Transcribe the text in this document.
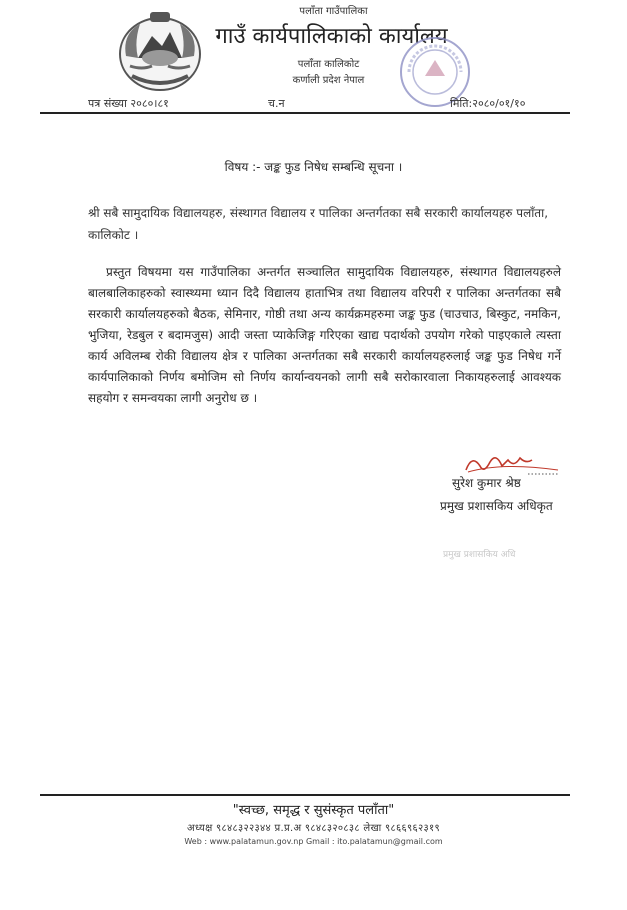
पलाँता गाउँपालिका
गाउँ कार्यपालिकाको कार्यालय
पलाँता कालिकोट
कर्णाली प्रदेश नेपाल
पत्र संख्या २०८०।८१	च.न	मिति:२०८०/०१/१०
विषय :- जङ्क फुड निषेध सम्बन्धि सूचना ।
श्री सबै सामुदायिक विद्यालयहरु, संस्थागत विद्यालय र पालिका अन्तर्गतका सबै सरकारी कार्यालयहरु पलाँता, कालिकोट ।
प्रस्तुत विषयमा यस गाउँपालिका अन्तर्गत सञ्चालित सामुदायिक विद्यालयहरु, संस्थागत विद्यालयहरुले बालबालिकाहरुको स्वास्थ्यमा ध्यान दिदै विद्यालय हाताभित्र तथा विद्यालय वरिपरी र पालिका अन्तर्गतका सबै सरकारी कार्यालयहरुको बैठक, सेमिनार, गोष्ठी तथा अन्य कार्यक्रमहरुमा जङ्क फुड (चाउचाउ, बिस्कुट, नमकिन, भुजिया, रेडबुल र बदामजुस) आदी जस्ता प्याकेजिङ्ग गरिएका खाद्य पदार्थको उपयोग गरेको पाइएकाले त्यस्ता कार्य अविलम्ब रोकी विद्यालय क्षेत्र र पालिका अन्तर्गतका सबै सरकारी कार्यालयहरुलाई जङ्क फुड निषेध गर्ने कार्यपालिकाको निर्णय बमोजिम सो निर्णय कार्यान्वयनको लागी सबै सरोकारवाला निकायहरुलाई आवश्यक सहयोग र समन्वयका लागी अनुरोध छ ।
सुरेश कुमार श्रेष्ठ
प्रमुख प्रशासकिय अधिकृत
प्रमुख प्रशासकिय अधि
"स्वच्छ, समृद्ध र सुसंस्कृत पलाँता"
अध्यक्ष ९८४८३२२३४४ प्र.प्र.अ ९८४८३२०८३८ लेखा ९८६६९६२३१९
Web : www.palatamun.gov.np Gmail : ito.palatamun@gmail.com
